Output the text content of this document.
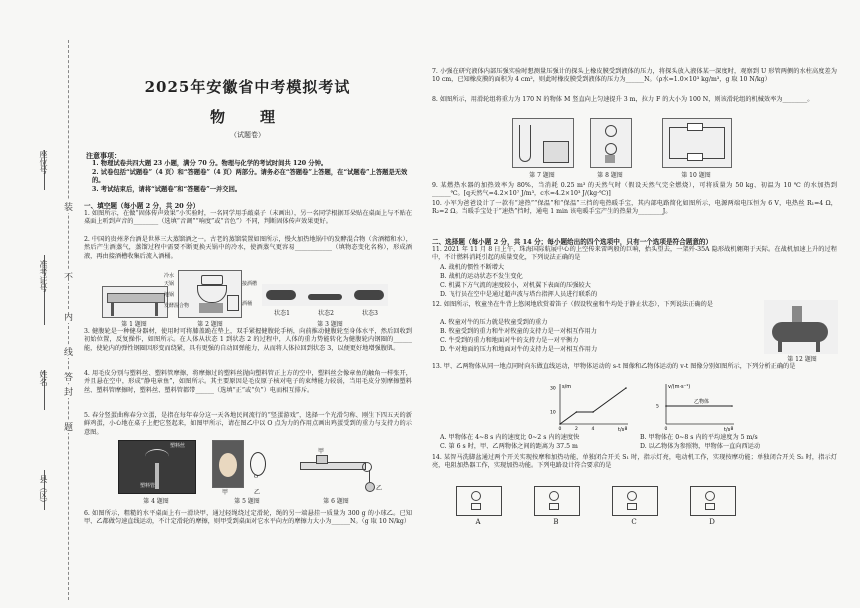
座位号
准考证号
姓名
县（区）
装
不
内
线
答
封
题
2025年安徽省中考模拟考试
物　理
（试题卷）
注意事项：
1. 物理试卷共四大题 23 小题，满分 70 分。物理与化学的考试时间共 120 分钟。
2. 试卷包括“试题卷”（4 页）和“答题卷”（4 页）两部分。请务必在“答题卷”上答题，在“试题卷”上答题是无效的。
3. 考试结束后，请将“试题卷”和“答题卷”一并交回。
一、填空题（每小题 2 分，共 20 分）
1. 如图所示，在做“固体传声效果”小实验时，一名同学用手敲桌子（未画出），另一名同学根据耳朵贴在桌面上与不贴在桌面上听到声音的________（选填“音调”“响度”或“音色”）不同，判断固体传声效果更好。
2. 中国的贵州茅台酒是世界三大蒸馏酒之一。古老的蒸馏装置如图所示，慢火加热地锅中的发酵混合物（含酒精和水），然后产生酒蒸气，蒸馏过程中需要不断更换天锅中的冷水，使酒蒸气更容易____________（填物态变化名称），形成酒液，再由接酒槽收集后流入酒桶。
第 1 题图
冷水
天锅
地锅
接酒槽
发酵混合物	酒桶
第 2 题图
状态1	状态2	状态3
第 3 题图
3. 健腹轮是一种健身器材，使用时可将膝盖跪在垫上，双手紧握健腹轮手柄，向前推动健腹轮至身体水平，然后回收到初始位置，反复操作，如图所示。在人体从状态 1 到状态 2 的过程中，人体的重力势能转化为健腹轮内钢圈的______能，使轮内的弹性钢圈因形变而绕紧，具有更强的自动回弹能力，从而将人体拉回到状态 3，以便更好地增强腹肌。
4. 用毛皮分别与塑料丝、塑料管摩擦，将摩擦过的塑料丝抛向塑料管正上方的空中，塑料丝会像章鱼的触角一样张开，并且悬在空中，形成“静电章鱼”，如图所示。其主要原因是毛皮原子核对电子的束缚能力较弱，当用毛皮分别摩擦塑料丝、塑料管摩擦时，塑料丝、塑料管都带______（选填“正”或“负”）电而相互排斥。
5. 春分竖蛋曲称春分立蛋，是指在每年春分这一天各地民间流行的“竖蛋游戏”，选择一个光滑匀称、刚生下四五天的新鲜鸡蛋，小心地在桌子上把它竖起来，如图甲所示，请在图乙中以 O 点为力的作用点画出鸡蛋受到的重力与支持力的示意图。
塑料丝
塑料管
第 4 题图
甲
O
乙
第 5 题图
甲
乙
第 6 题图
6. 如图所示，粗糙的水平桌面上有一滑块甲，通过轻绳绕过定滑轮，绳的另一端悬挂一质量为 300 g 的小球乙。已知甲、乙都做匀速直线运动，不计定滑轮的摩擦，则甲受到桌面对它水平向左的摩擦力大小为______N。（g 取 10 N/kg）
7. 小强在研究液体内部压强实验时想测量压强计的探头上橡皮膜受到液体的压力，将探头放入液体某一深度时，观察到 U 形管两侧的水柱高度差为 10 cm，已知橡皮膜的面积为 4 cm²，则此时橡皮膜受到液体的压力为______N。（ρ水=1.0×10³ kg/m³，g 取 10 N/kg）
8. 如图所示，用滑轮组将重力为 170 N 的物体 M 竖直向上匀速提升 3 m，拉力 F 的大小为 100 N，则该滑轮组的机械效率为________。
第 7 题图	第 8 题图	第 10 题图
9. 某燃热水器的加热效率为 80%，当消耗 0.25 m³ 的天然气时（假设天然气完全燃烧），可将质量为 50 kg、初温为 10 ℃ 的水加热到______℃。[q天然气=4.2×10⁷ J/m³，c水=4.2×10³ J/(kg·℃)]
10. 小军为爸爸设计了一款有“速热”“保温”和“保温”三挡的电热暖手宝，其内部电路简化如图所示，电源两端电压恒为 6 V，电热丝 R₁=4 Ω，R₂=2 Ω。当暖手宝处于“速热”挡时，通电 1 min 该电暖手宝产生的热量为________J。
二、选择题（每小题 2 分，共 14 分；每小题给出的四个选项中，只有一个选项是符合题意的）
11. 2021 年 11 月 8 日上午，珠海国际航展中心的上空传来雷鸣般的巨响，抬头望去，一架歼-35A 隐形战机翱翔于天际。在战机加速上升的过程中，不计燃料消耗引起的质量变化，下列说法正确的是
A. 战机的惯性不断增大
B. 战机的运动状态不发生变化
C. 机翼下方气流的速度较小，对机翼下表面的压强较大
D. 飞行员在空中是通过超声波与塔台指挥人员进行联系的
12. 如图所示，牧童坐在牛背上悠闲地欣赏着笛子（假设牧童和牛均处于静止状态），下列说法正确的是
A. 牧童对牛的压力就是牧童受到的重力
B. 牧童受到的重力和牛对牧童的支持力是一对相互作用力
C. 牛受到的重力和地面对牛的支持力是一对平衡力
D. 牛对地面的压力和地面对牛的支持力是一对相互作用力
第 12 题图
13. 甲、乙两物体从同一地点同时向东做直线运动，甲物体运动的 s-t 图像和乙物体运动的 v-t 图像分别如图所示，下列分析正确的是
s/m
t/s
0	2	4	8
10
30	v/(m·s⁻¹)
t/s
乙物体
0	8
5
A. 甲物体在 4~8 s 内的速度比 0~2 s 内的速度快	B. 甲物体在 0~8 s 内的平均速度为 5 m/s
C. 第 6 s 时，甲、乙两物体之间的距离为 37.5 m	D. 以乙物体为参照物，甲物体一直向西运动
14. 某智马洗脚盆通过两个开关实现按摩和加热功能，单独闭合开关 S₁ 时，指示灯亮，电动机工作，实现按摩功能；单独闭合开关 S₂ 时，指示灯亮，电阻加热器工作，实现加热功能。下列电路设计符合要求的是
A	B	C	D
